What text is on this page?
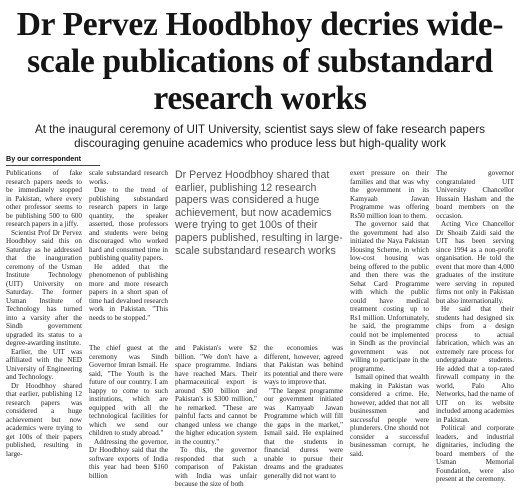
Dr Pervez Hoodbhoy decries wide-scale publications of substandard research works
At the inaugural ceremony of UIT University, scientist says slew of fake research papers discouraging genuine academics who produce less but high-quality work
By our correspondent

Publications of fake research papers needs to be immediately stopped in Pakistan, where every other professor seems to be publishing 500 to 600 research papers in a jiffy.

Scientist Prof Dr Pervez Hoodbhoy said this on Saturday as he addressed that the inauguration ceremony of the Usman Institute Technology (UIT) University on Saturday. The former Usman Institute of Technology has turned into a varsity after the Sindh government upgraded its status to a degree-awarding institute.

Earlier, the UIT was affiliated with the NED University of Engineering and Technology.

Dr Hoodbhoy shared that earlier, publishing 12 research papers was considered a huge achievement but now academics were trying to get 100s of their papers published, resulting in large-

scale substandard research works.

Due to the trend of publishing substandard research papers in large quantity, the speaker asserted, those professors and students were being discouraged who worked hard and consumed time in publishing quality papers.

He added that the phenomenon of publishing more and more research papers in a short span of time had devalued research work in Pakistan. "This needs to be stopped."

The chief guest at the ceremony was Sindh Governor Imran Ismail. He said, "The Youth is the future of our country. I am happy to come to such institutions, which are equipped with all the technological facilities for which we send our children to study abroad."

Addressing the governor, Dr Hoodbhoy said that the software exports of India this year had been $160 billion

Dr Pervez Hoodbhoy shared that earlier, publishing 12 research papers was considered a huge achievement, but now academics were trying to get 100s of their papers published, resulting in large-scale substandard research works

and Pakistan's were $2 billion. "We don't have a space programme. Indians have reached Mars. Their pharmaceutical export is around $30 billion and Pakistan's is $300 million," he remarked. "These are painful facts and cannot be changed unless we change the higher education system in the country."

To this, the governor responded that such a comparison of Pakistan with India was unfair because the size of both

the economies was different, however, agreed that Pakistan was behind its potential and there were ways to improve that.

"The largest programme our government initiated was Kamyaab Jawan Programme which will fill the gaps in the market," Ismail said. He explained that the students in financial duress were unable to pursue their dreams and the graduates generally did not want to

exert pressure on their families and that was why the government in its Kamyaab Jawan Programme was offering Rs50 million loan to them.

The governor said that the government had also initiated the Naya Pakistan Housing Scheme, in which low-cost housing was being offered to the public and then there was the Sehat Card Programme with which the public could have medical treatment costing up to Rs1 million. Unfortunately, he said, the programme could not be implemented in Sindh as the provincial government was not willing to participate in the programme.

Ismail opined that wealth making in Pakistan was considered a crime. He, however, added that not all businessmen and successful people were plunderers. One should not consider a successful businessman corrupt, he said.

The governor congratulated UIT University Chancellor Hussain Hasham and the board members on the occasion.

Acting Vice Chancellor Dr Shoaib Zaidi said the UIT has been serving since 1994 as a non-profit organisation. He told the event that more than 4,000 graduates of the institute were serving in reputed firms not only in Pakistan but also internationally.

He said that their students had designed six chips from a design process to actual fabrication, which was an extremely rare process for undergraduate students. He added that a top-rated firewall company in the world, Palo Alto Networks, had the name of UIT on its website included among academies in Pakistan.

Political and corporate leaders, and industrial dignitaries, including the board members of the Usman Memorial Foundation, were also present at the ceremony.
